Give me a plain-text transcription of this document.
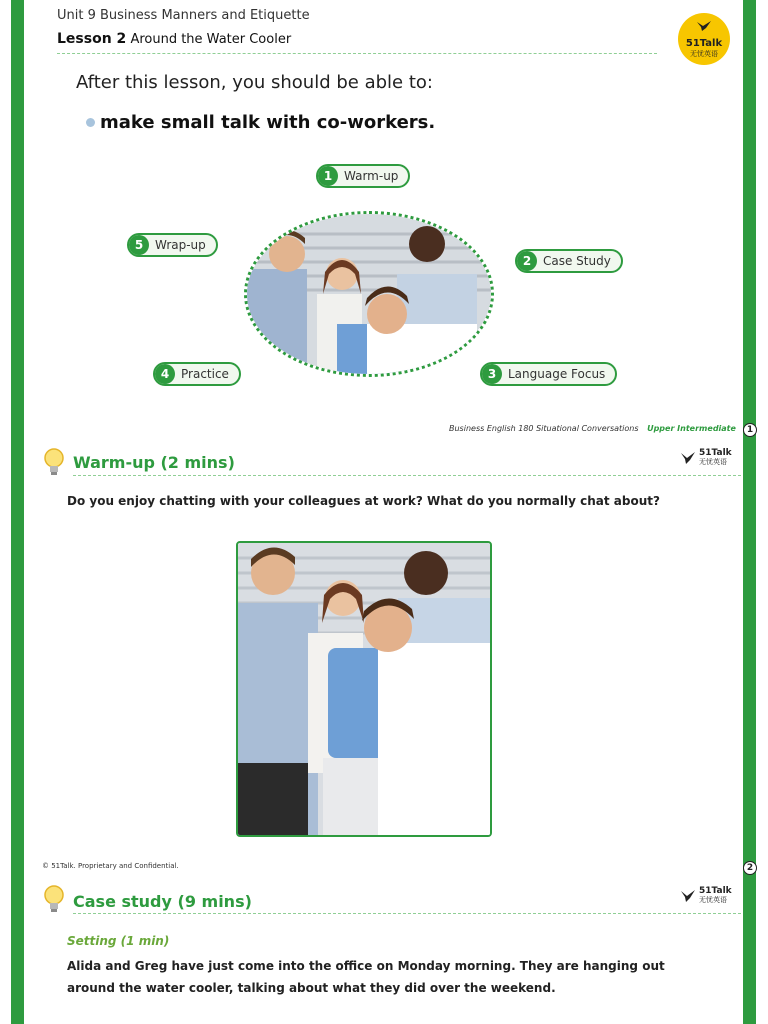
Unit 9 Business Manners and Etiquette
Lesson 2 Around the Water Cooler	51Talk
无忧英语
After this lesson, you should be able to:
make small talk with co-workers.
1 Warm-up
2 Case Study
3 Language Focus
4 Practice
5 Wrap-up
Business English 180 Situational Conversations Upper Intermediate	1
Warm-up (2 mins)	51Talk
无忧英语
Do you enjoy chatting with your colleagues at work? What do you normally chat about?
© 51Talk. Proprietary and Confidential.	2
Case study (9 mins)
51Talk
无忧英语
Setting (1 min)
Alida and Greg have just come into the office on Monday morning. They are hanging out around the water cooler, talking about what they did over the weekend.
